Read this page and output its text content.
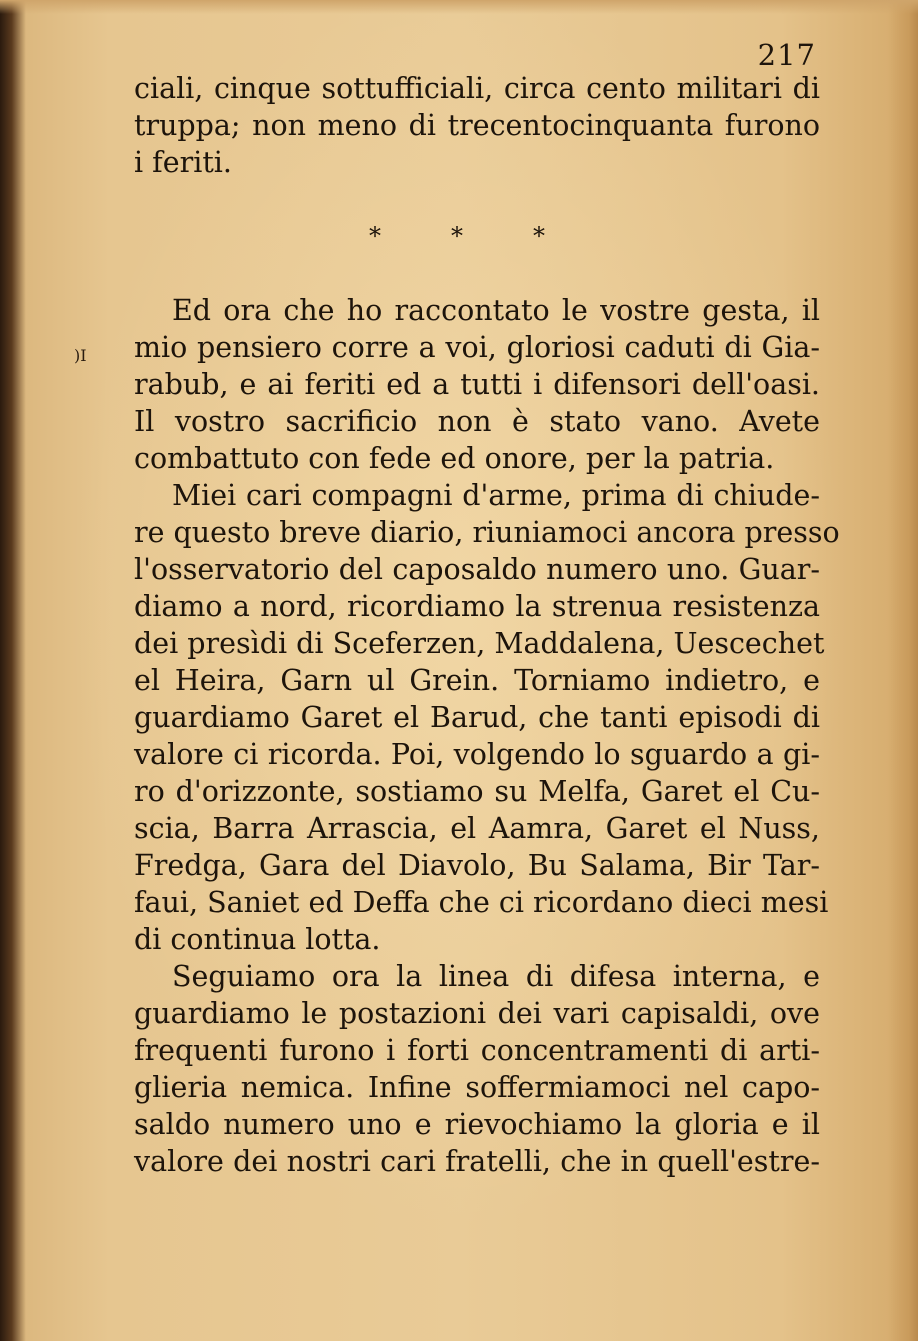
)I
217
ciali, cinque sottufficiali, circa cento militari di
truppa; non meno di trecentocinquanta furono
i feriti.
*	*	*
Ed ora che ho raccontato le vostre gesta, il
mio pensiero corre a voi, gloriosi caduti di Gia-
rabub, e ai feriti ed a tutti i difensori dell'oasi.
Il vostro sacrificio non è stato vano. Avete
combattuto con fede ed onore, per la patria.
Miei cari compagni d'arme, prima di chiude-
re questo breve diario, riuniamoci ancora presso
l'osservatorio del caposaldo numero uno. Guar-
diamo a nord, ricordiamo la strenua resistenza
dei presìdi di Sceferzen, Maddalena, Uescechet
el Heira, Garn ul Grein. Torniamo indietro, e
guardiamo Garet el Barud, che tanti episodi di
valore ci ricorda. Poi, volgendo lo sguardo a gi-
ro d'orizzonte, sostiamo su Melfa, Garet el Cu-
scia, Barra Arrascia, el Aamra, Garet el Nuss,
Fredga, Gara del Diavolo, Bu Salama, Bir Tar-
faui, Saniet ed Deffa che ci ricordano dieci mesi
di continua lotta.
Seguiamo ora la linea di difesa interna, e
guardiamo le postazioni dei vari capisaldi, ove
frequenti furono i forti concentramenti di arti-
glieria nemica. Infine soffermiamoci nel capo-
saldo numero uno e rievochiamo la gloria e il
valore dei nostri cari fratelli, che in quell'estre-
